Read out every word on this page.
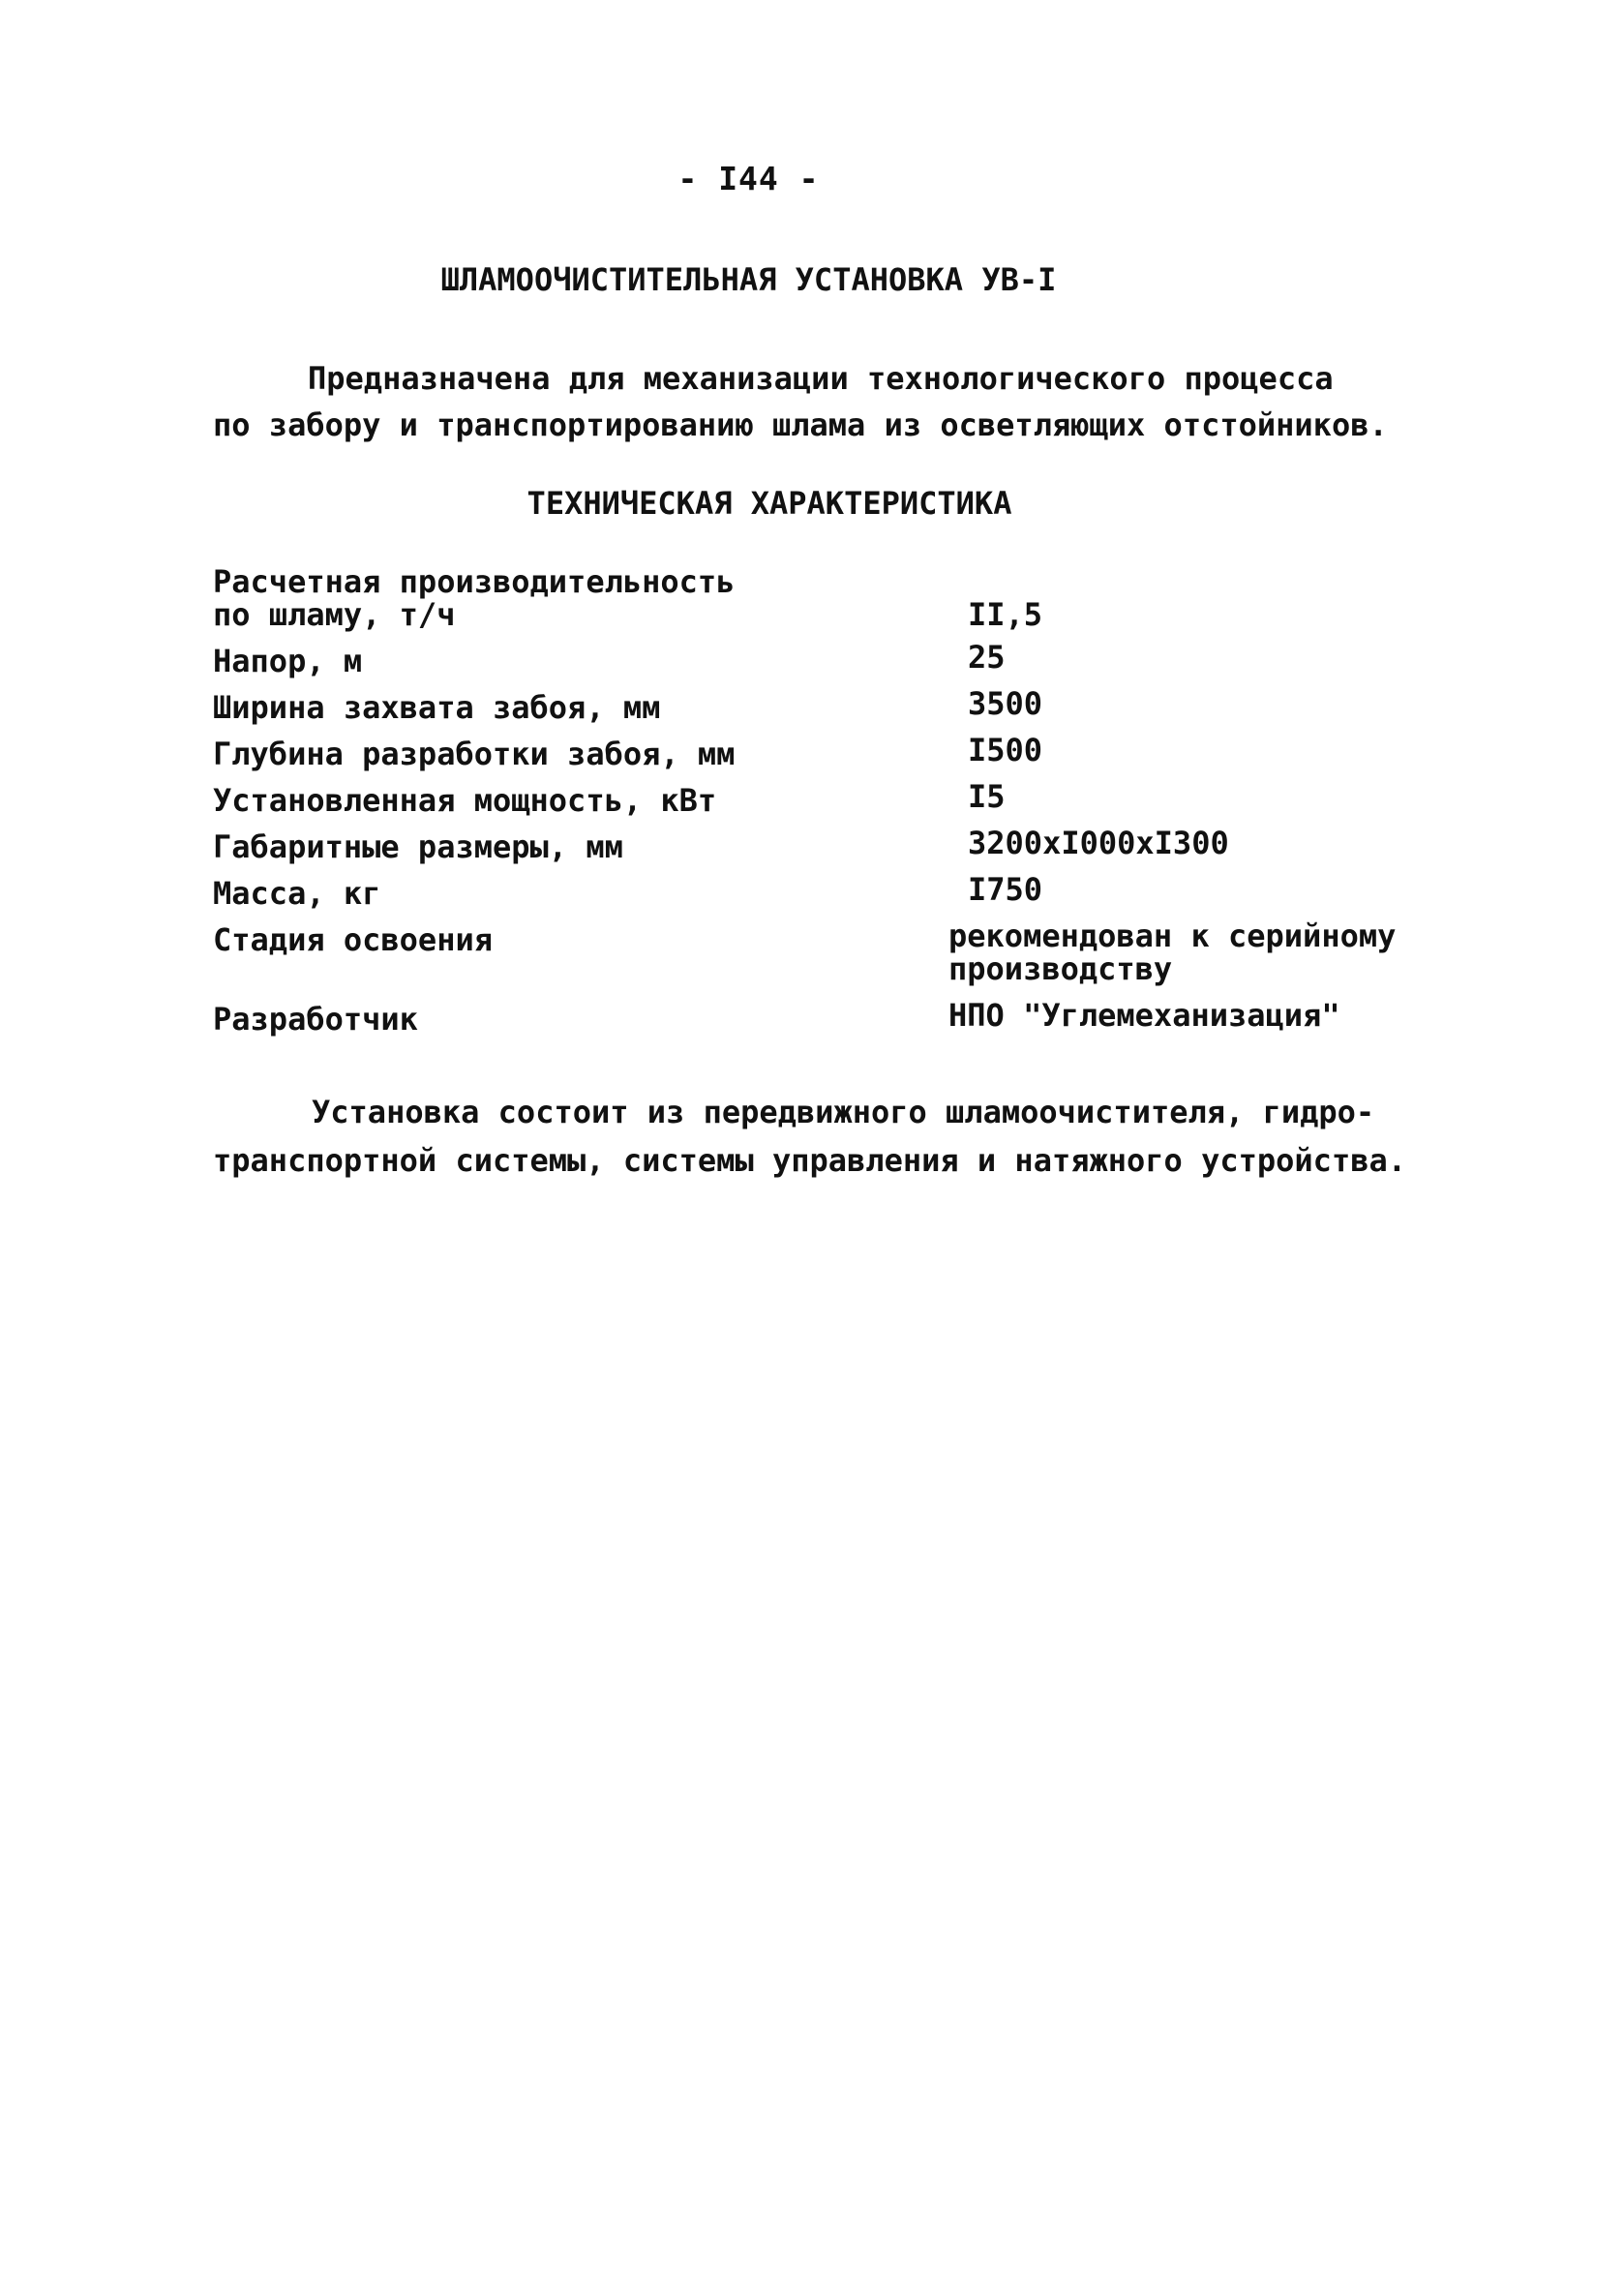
- I44 -
ШЛАМООЧИСТИТЕЛЬНАЯ УСТАНОВКА УВ-I
Предназначена для механизации технологического процесса
по забору и транспортированию шлама из осветляющих отстойников.
ТЕХНИЧЕСКАЯ ХАРАКТЕРИСТИКА
Расчетная производительность
по шламу, т/ч	II,5
Напор, м	25
Ширина захвата забоя, мм	3500
Глубина разработки забоя, мм	I500
Установленная мощность, кВт	I5
Габаритные размеры, мм	3200хI000хI300
Масса, кг	I750
Стадия освоения	рекомендован к серийному
производству
Разработчик	НПО "Углемеханизация"
Установка состоит из передвижного шламоочистителя, гидро-
транспортной системы, системы управления и натяжного устройства.
